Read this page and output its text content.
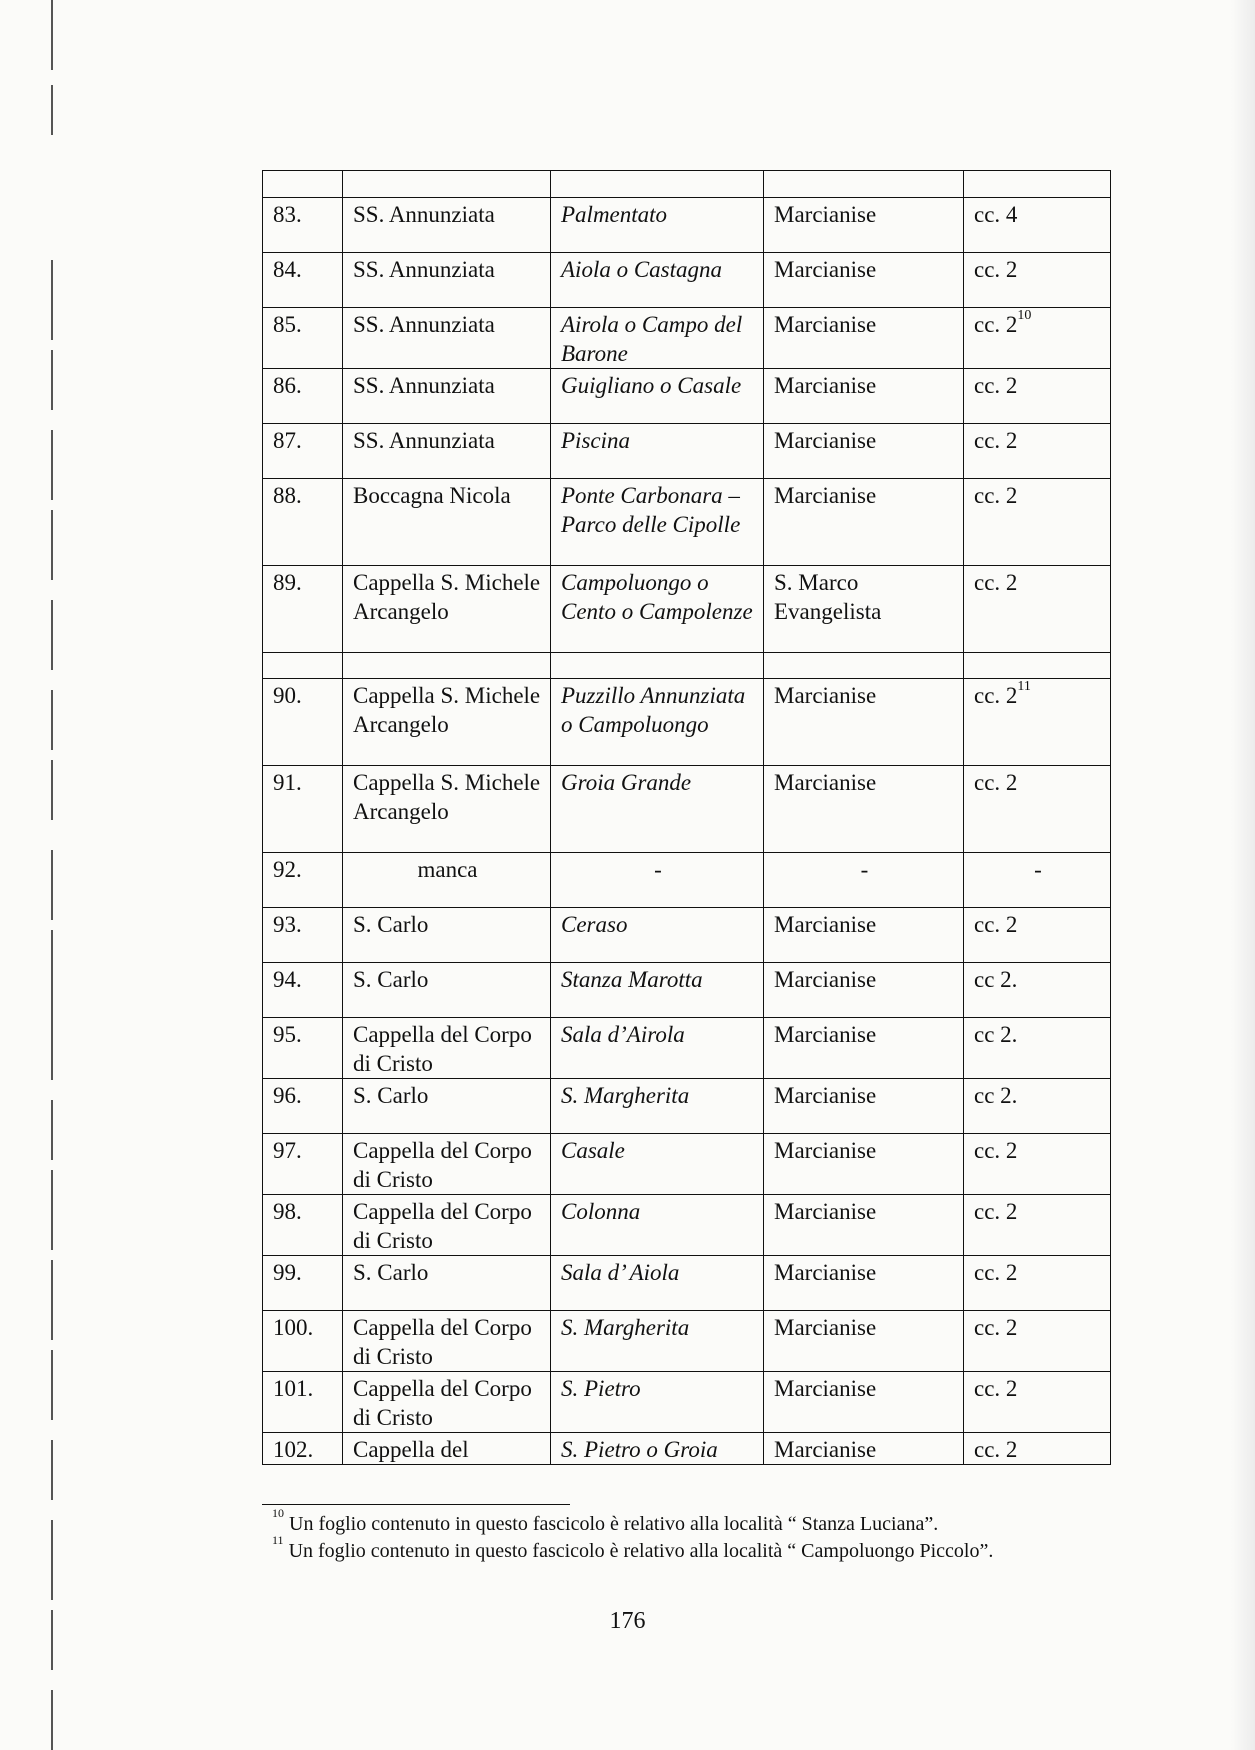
83.	SS. Annunziata	Palmentato	Marcianise	cc. 4
84.	SS. Annunziata	Aiola o Castagna	Marcianise	cc. 2
85.	SS. Annunziata	Airola o Campo del Barone	Marcianise	cc. $2^{10}$
86.	SS. Annunziata	Guigliano o Casale	Marcianise	cc. 2
87.	SS. Annunziata	Piscina	Marcianise	cc. 2
88.	Boccagna Nicola	Ponte Carbonara – Parco delle Cipolle	Marcianise	cc. 2
89.	Cappella S. Michele Arcangelo	Campoluongo o Cento o Campolenze	S. Marco Evangelista	cc. 2

90.	Cappella S. Michele Arcangelo	Puzzillo Annunziata o Campoluongo	Marcianise	cc. $2^{11}$
91.	Cappella S. Michele Arcangelo	Groia Grande	Marcianise	cc. 2
92.	manca	-	-	-
93.	S. Carlo	Ceraso	Marcianise	cc. 2
94.	S. Carlo	Stanza Marotta	Marcianise	cc 2.
95.	Cappella del Corpo di Cristo	Sala d’Airola	Marcianise	cc 2.
96.	S. Carlo	S. Margherita	Marcianise	cc 2.
97.	Cappella del Corpo di Cristo	Casale	Marcianise	cc. 2
98.	Cappella del Corpo di Cristo	Colonna	Marcianise	cc. 2
99.	S. Carlo	Sala d’ Aiola	Marcianise	cc. 2
100.	Cappella del Corpo di Cristo	S. Margherita	Marcianise	cc. 2
101.	Cappella del Corpo di Cristo	S. Pietro	Marcianise	cc. 2
102.	Cappella del	S. Pietro o Groia	Marcianise	cc. 2
$^{10}$ Un foglio contenuto in questo fascicolo è relativo alla località “ Stanza Luciana”.
$^{11}$ Un foglio contenuto in questo fascicolo è relativo alla località “ Campoluongo Piccolo”.
176
